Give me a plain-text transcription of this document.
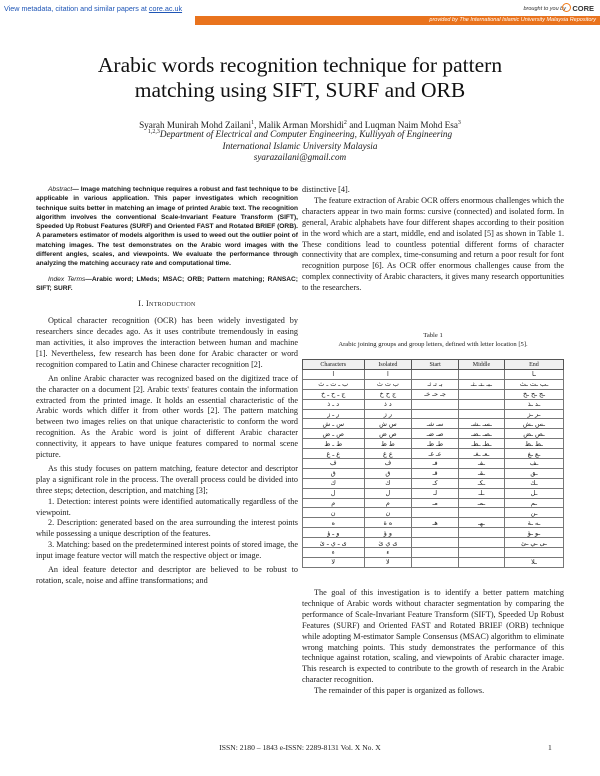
View metadata, citation and similar papers at core.ac.uk	brought to you by CORE
provided by The International Islamic University Malaysia Repository
Arabic words recognition technique for pattern
matching using SIFT, SURF and ORB
Syarah Munirah Mohd Zailani$^1$, Malik Arman Morshidi$^2$ and Luqman Naim Mohd Esa$^3$
$^{1,2,3}$Department of Electrical and Computer Engineering, Kulliyyah of Engineering
International Islamic University Malaysia
syarazailani@gmail.com

Abstract— Image matching technique requires a robust and fast technique to be applicable in various application. This paper investigates which recognition technique suits better in matching an image of printed Arabic text. The recognition algorithm involves the conventional Scale-Invariant Feature Transform (SIFT), Speeded Up Robust Features (SURF) and Oriented FAST and Rotated BRIEF (ORB). A parameters estimator of models algorithm is used to weed out the outlier point of matching images. The test demonstrates on the Arabic word images with the different angles, scales, and viewpoints. We evaluate the performance through analyzing the matching accuracy rate and computational time.

Index Terms—Arabic word; LMeds; MSAC; ORB; Pattern matching; RANSAC; SIFT; SURF.

I. Introduction

Optical character recognition (OCR) has been widely investigated by researchers since decades ago. As it uses contribute tremendously in easing man activities, it also improves the interaction between human and machine [1]. Nevertheless, few research has been done for Arabic character or word recognition compared to Latin and Chinese character recognition [2].

An online Arabic character was recognized based on the digitized trace of the character on a document [2]. Arabic texts' features contain the information extracted from the printed image. It holds an essential characteristic of the Arabic words which differ it from other words [2]. The pattern matching between two images relies on that unique characteristic to conform the word recognition. As the Arabic word is joint of different Arabic character connectivity, it appears to have unique features compared to normal scene picture.

As this study focuses on pattern matching, feature detector and descriptor play a significant role in the process. The overall process could be divided into three steps; detection, description, and matching [3];

1. Detection: interest points were identified automatically regardless of the viewpoint.

2. Description: generated based on the area surrounding the interest points while possessing a unique description of the features.

3. Matching: based on the predetermined interest points of stored image, the input image feature vector will match the respective object or image.

An ideal feature detector and descriptor are believed to be robust to rotation, scale, noise and affine transformations; and

distinctive [4].

The feature extraction of Arabic OCR offers enormous challenges which the characters appear in two main forms: cursive (connected) and isolated form. In general, Arabic alphabets have four different shapes according to their position in the word which are a start, middle, end and isolated [5] as shown in Table 1. These conditions lead to countless potential different forms of character connectivity that are complex, time-consuming and return a poor result for font recognition purpose [6]. As OCR offer enormous challenges cause from the complex connectivity of Arabic characters, it gives many research opportunities to the researchers.

Table 1
Arabic joining groups and group letters, defined with letter location [5].
Characters	Isolated	Start	Middle	End
ا	ا			ـا
ب ـ ت ـ ث	ب ت ث	بـ تـ ثـ	ـبـ ـتـ ـثـ	ـب ـت ـث
ج ـ ح ـ خ	ج ح خ	جـ حـ خـ		ـج ـح ـخ
د ـ ذ	د ذ			ـد ـذ
ر ـ ز	ر ز			ـر ـز
س ـ ش	س ش	سـ شـ	ـسـ ـشـ	ـس ـش
ص ـ ض	ص ض	صـ ضـ	ـصـ ـضـ	ـص ـض
ط ـ ظ	ط ظ	طـ ظـ	ـطـ ـظـ	ـط ـظ
ع ـ غ	ع غ	عـ غـ	ـعـ ـغـ	ـع ـغ
ف	ف	فـ	ـفـ	ـف
ق	ق	قـ	ـقـ	ـق
ك	ك	كـ	ـكـ	ـك
ل	ل	لـ	ـلـ	ـل
م	م	مـ	ـمـ	ـم
ن	ن			ـن
ه	ه ة	هـ	ـهـ	ـه ـة
و ـ ؤ	و ؤ			ـو ـؤ
ى ـ ي ـ ئ	ى ي ئ			ـى ـي ـئ
ء	ء			
لا	لا			ـلا

The goal of this investigation is to identify a better pattern matching technique of Arabic words without character segmentation by comparing the performance of Scale-Invariant Feature Transform (SIFT), Speeded Up Robust Features (SURF) and Oriented FAST and Rotated BRIEF (ORB) technique while adopting M-estimator Sample Consensus (MSAC) algorithm to eliminate wrong matching points. This study demonstrates the performance of this technique against rotation, scaling, and viewpoints of Arabic character image. This research is expected to contribute to the growth of research in the Arabic character recognition.

The remainder of this paper is organized as follows.

ISSN: 2180 – 1843 e-ISSN: 2289-8131 Vol. X No. X	1
